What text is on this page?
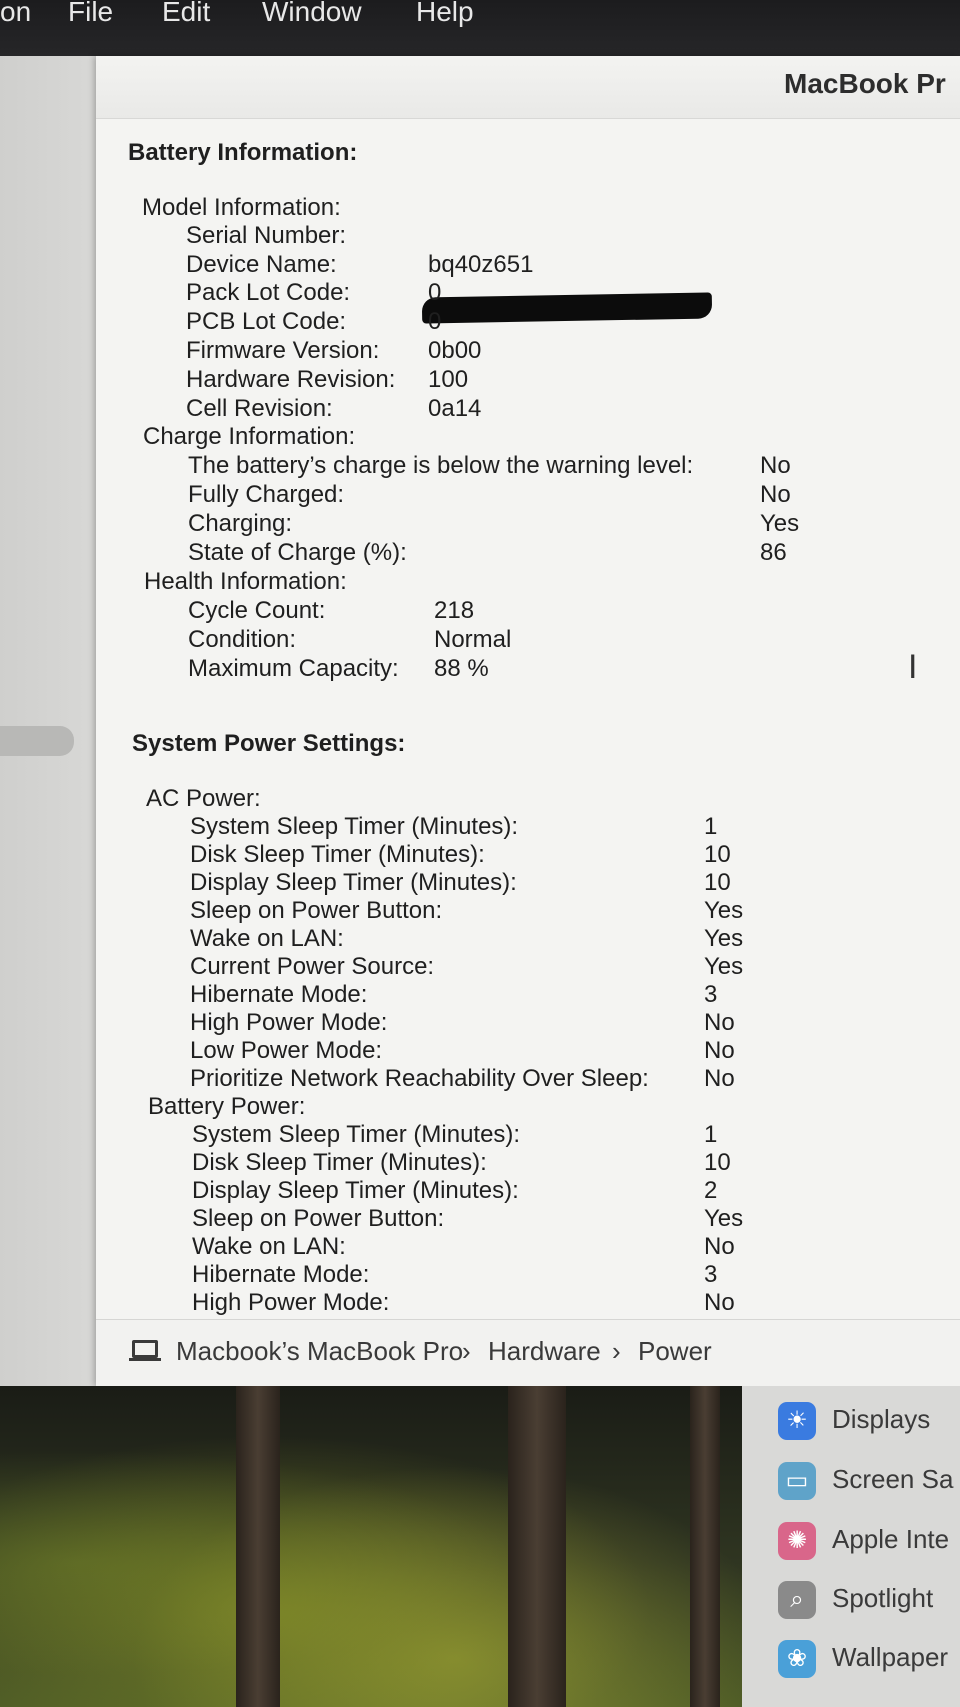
on File Edit Window Help
MacBook Pr
Battery Information:
Model Information:
Serial Number:
Device Name:	bq40z651
Pack Lot Code:	0
PCB Lot Code:	0
Firmware Version: 0b00
Hardware Revision: 100
Cell Revision:	0a14
Charge Information:
The battery’s charge is below the warning level:	No
Fully Charged:	No
Charging:	Yes
State of Charge (%):	86
Health Information:
Cycle Count:	218
Condition:	Normal
Maximum Capacity: 88 %	I
System Power Settings:
AC Power:
System Sleep Timer (Minutes):	1
Disk Sleep Timer (Minutes):	10
Display Sleep Timer (Minutes):	10
Sleep on Power Button:	Yes
Wake on LAN:	Yes
Current Power Source:	Yes
Hibernate Mode:	3
High Power Mode:	No
Low Power Mode:	No
Prioritize Network Reachability Over Sleep: No
Battery Power:
System Sleep Timer (Minutes):	1
Disk Sleep Timer (Minutes):	10
Display Sleep Timer (Minutes):	2
Sleep on Power Button:	Yes
Wake on LAN:	No
Hibernate Mode:	3
High Power Mode:	No
Macbook’s MacBook Pro
› Hardware › Power
☀ Displays
▭ Screen Sa
✺ Apple Inte
⌕	Spotlight
❀ Wallpaper
